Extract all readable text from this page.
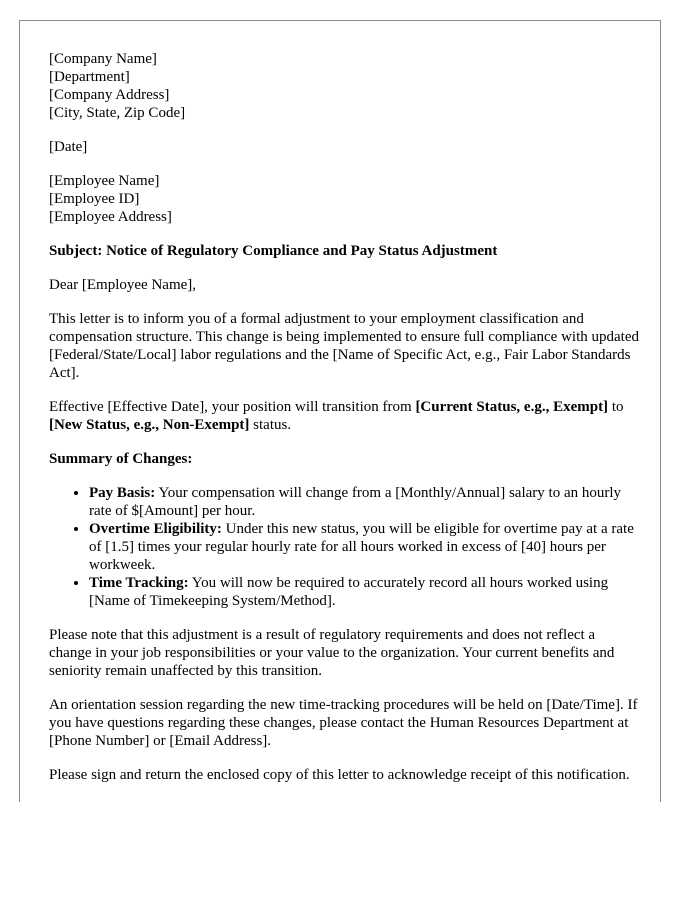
[Company Name]
[Department]
[Company Address]
[City, State, Zip Code]

[Date]

[Employee Name]
[Employee ID]
[Employee Address]

Subject: Notice of Regulatory Compliance and Pay Status Adjustment

Dear [Employee Name],

This letter is to inform you of a formal adjustment to your employment classification and compensation structure. This change is being implemented to ensure full compliance with updated [Federal/State/Local] labor regulations and the [Name of Specific Act, e.g., Fair Labor Standards Act].

Effective [Effective Date], your position will transition from [Current Status, e.g., Exempt] to [New Status, e.g., Non-Exempt] status.

Summary of Changes:

• Pay Basis: Your compensation will change from a [Monthly/Annual] salary to an hourly rate of $[Amount] per hour.
• Overtime Eligibility: Under this new status, you will be eligible for overtime pay at a rate of [1.5] times your regular hourly rate for all hours worked in excess of [40] hours per workweek.
• Time Tracking: You will now be required to accurately record all hours worked using [Name of Timekeeping System/Method].

Please note that this adjustment is a result of regulatory requirements and does not reflect a change in your job responsibilities or your value to the organization. Your current benefits and seniority remain unaffected by this transition.

An orientation session regarding the new time-tracking procedures will be held on [Date/Time]. If you have questions regarding these changes, please contact the Human Resources Department at [Phone Number] or [Email Address].

Please sign and return the enclosed copy of this letter to acknowledge receipt of this notification.
